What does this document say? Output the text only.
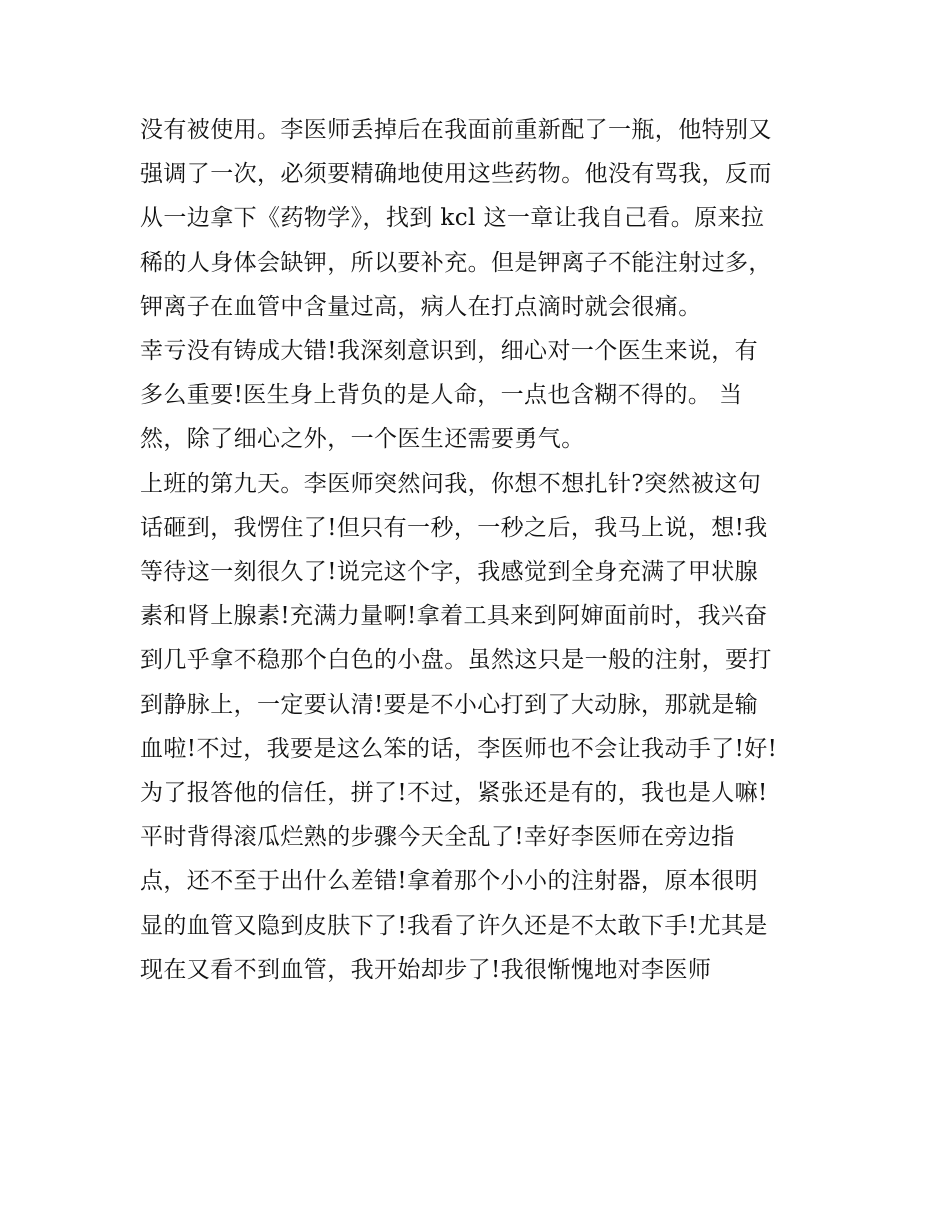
没有被使用。李医师丢掉后在我面前重新配了一瓶，他特别又

强调了一次，必须要精确地使用这些药物。他没有骂我，反而

从一边拿下《药物学》，找到 kcl 这一章让我自己看。原来拉

稀的人身体会缺钾，所以要补充。但是钾离子不能注射过多，

钾离子在血管中含量过高，病人在打点滴时就会很痛。

幸亏没有铸成大错!我深刻意识到，细心对一个医生来说，有

多么重要!医生身上背负的是人命，一点也含糊不得的。 当

然，除了细心之外，一个医生还需要勇气。

上班的第九天。李医师突然问我，你想不想扎针?突然被这句

话砸到，我愣住了!但只有一秒，一秒之后，我马上说，想!我

等待这一刻很久了!说完这个字，我感觉到全身充满了甲状腺

素和肾上腺素!充满力量啊!拿着工具来到阿婶面前时，我兴奋

到几乎拿不稳那个白色的小盘。虽然这只是一般的注射，要打

到静脉上，一定要认清!要是不小心打到了大动脉，那就是输

血啦!不过，我要是这么笨的话，李医师也不会让我动手了!好!

为了报答他的信任，拼了!不过，紧张还是有的，我也是人嘛!

平时背得滚瓜烂熟的步骤今天全乱了!幸好李医师在旁边指

点，还不至于出什么差错!拿着那个小小的注射器，原本很明

显的血管又隐到皮肤下了!我看了许久还是不太敢下手!尤其是

现在又看不到血管，我开始却步了!我很惭愧地对李医师
